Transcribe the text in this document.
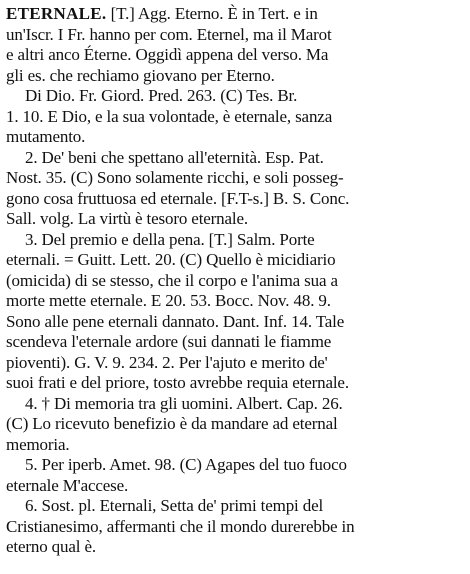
ETERNALE. [T.] Agg. Eterno. È in Tert. e in
un'Iscr. I Fr. hanno per com. Eternel, ma il Marot
e altri anco Éterne. Oggidì appena del verso. Ma
gli es. che rechiamo giovano per Eterno.
Di Dio. Fr. Giord. Pred. 263. (C) Tes. Br.
1. 10. E Dio, e la sua volontade, è eternale, sanza
mutamento.
2. De' beni che spettano all'eternità. Esp. Pat.
Nost. 35. (C) Sono solamente ricchi, e soli posseg-
gono cosa fruttuosa ed eternale. [F.T-s.] B. S. Conc.
Sall. volg. La virtù è tesoro eternale.
3. Del premio e della pena. [T.] Salm. Porte
eternali. = Guitt. Lett. 20. (C) Quello è micidiario
(omicida) di se stesso, che il corpo e l'anima sua a
morte mette eternale. E 20. 53. Bocc. Nov. 48. 9.
Sono alle pene eternali dannato. Dant. Inf. 14. Tale
scendeva l'eternale ardore (sui dannati le fiamme
pioventi). G. V. 9. 234. 2. Per l'ajuto e merito de'
suoi frati e del priore, tosto avrebbe requia eternale.
4. † Di memoria tra gli uomini. Albert. Cap. 26.
(C) Lo ricevuto benefizio è da mandare ad eternal
memoria.
5. Per iperb. Amet. 98. (C) Agapes del tuo fuoco
eternale M'accese.
6. Sost. pl. Eternali, Setta de' primi tempi del
Cristianesimo, affermanti che il mondo durerebbe in
eterno qual è.
